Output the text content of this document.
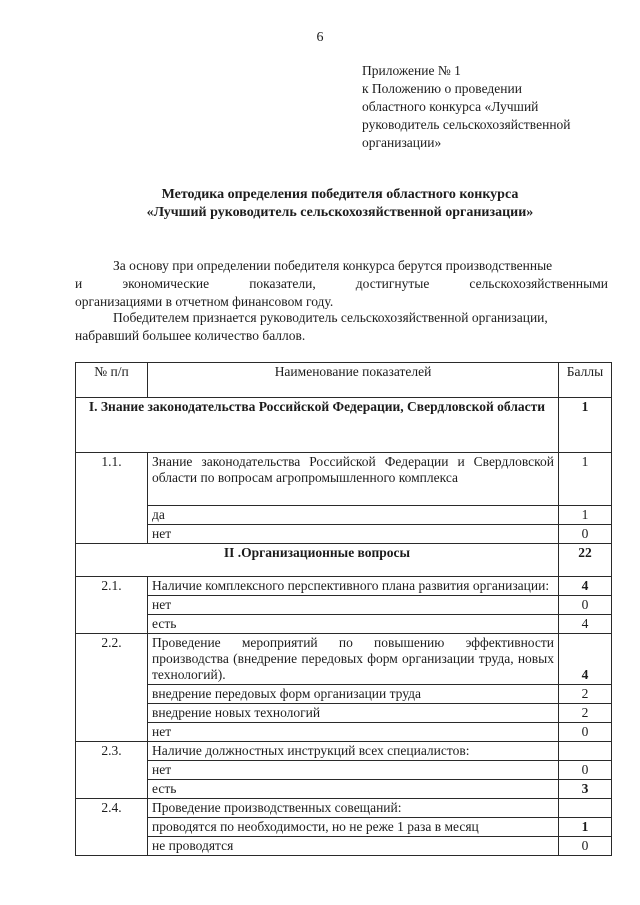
6
Приложение № 1
к Положению о проведении
областного конкурса «Лучший
руководитель сельскохозяйственной
организации»
Методика определения победителя областного конкурса
«Лучший руководитель сельскохозяйственной организации»
За основу при определении победителя конкурса берутся производственные
и	экономические	показатели,	достигнутые	сельскохозяйственными
организациями в отчетном финансовом году.
Победителем признается руководитель сельскохозяйственной организации,
набравший большее количество баллов.
№ п/п	Наименование показателей	Баллы
I. Знание законодательства Российской Федерации, Свердловской области		1
1.1.	Знание законодательства Российской Федерации и Свердловской области по вопросам агропромышленного комплекса	1
	да	1
	нет	0
II .Организационные вопросы		22
2.1.	Наличие комплексного перспективного плана развития организации:	4
	нет	0
	есть	4
2.2.	Проведение мероприятий по повышению эффективности производства (внедрение передовых форм организации труда, новых технологий).	4
	внедрение передовых форм организации труда	2
	внедрение новых технологий	2
	нет	0
2.3.	Наличие должностных инструкций всех специалистов:	
	нет	0
	есть	3
2.4.	Проведение производственных совещаний:	
	проводятся по необходимости, но не реже 1 раза в месяц	1
	не проводятся	0
